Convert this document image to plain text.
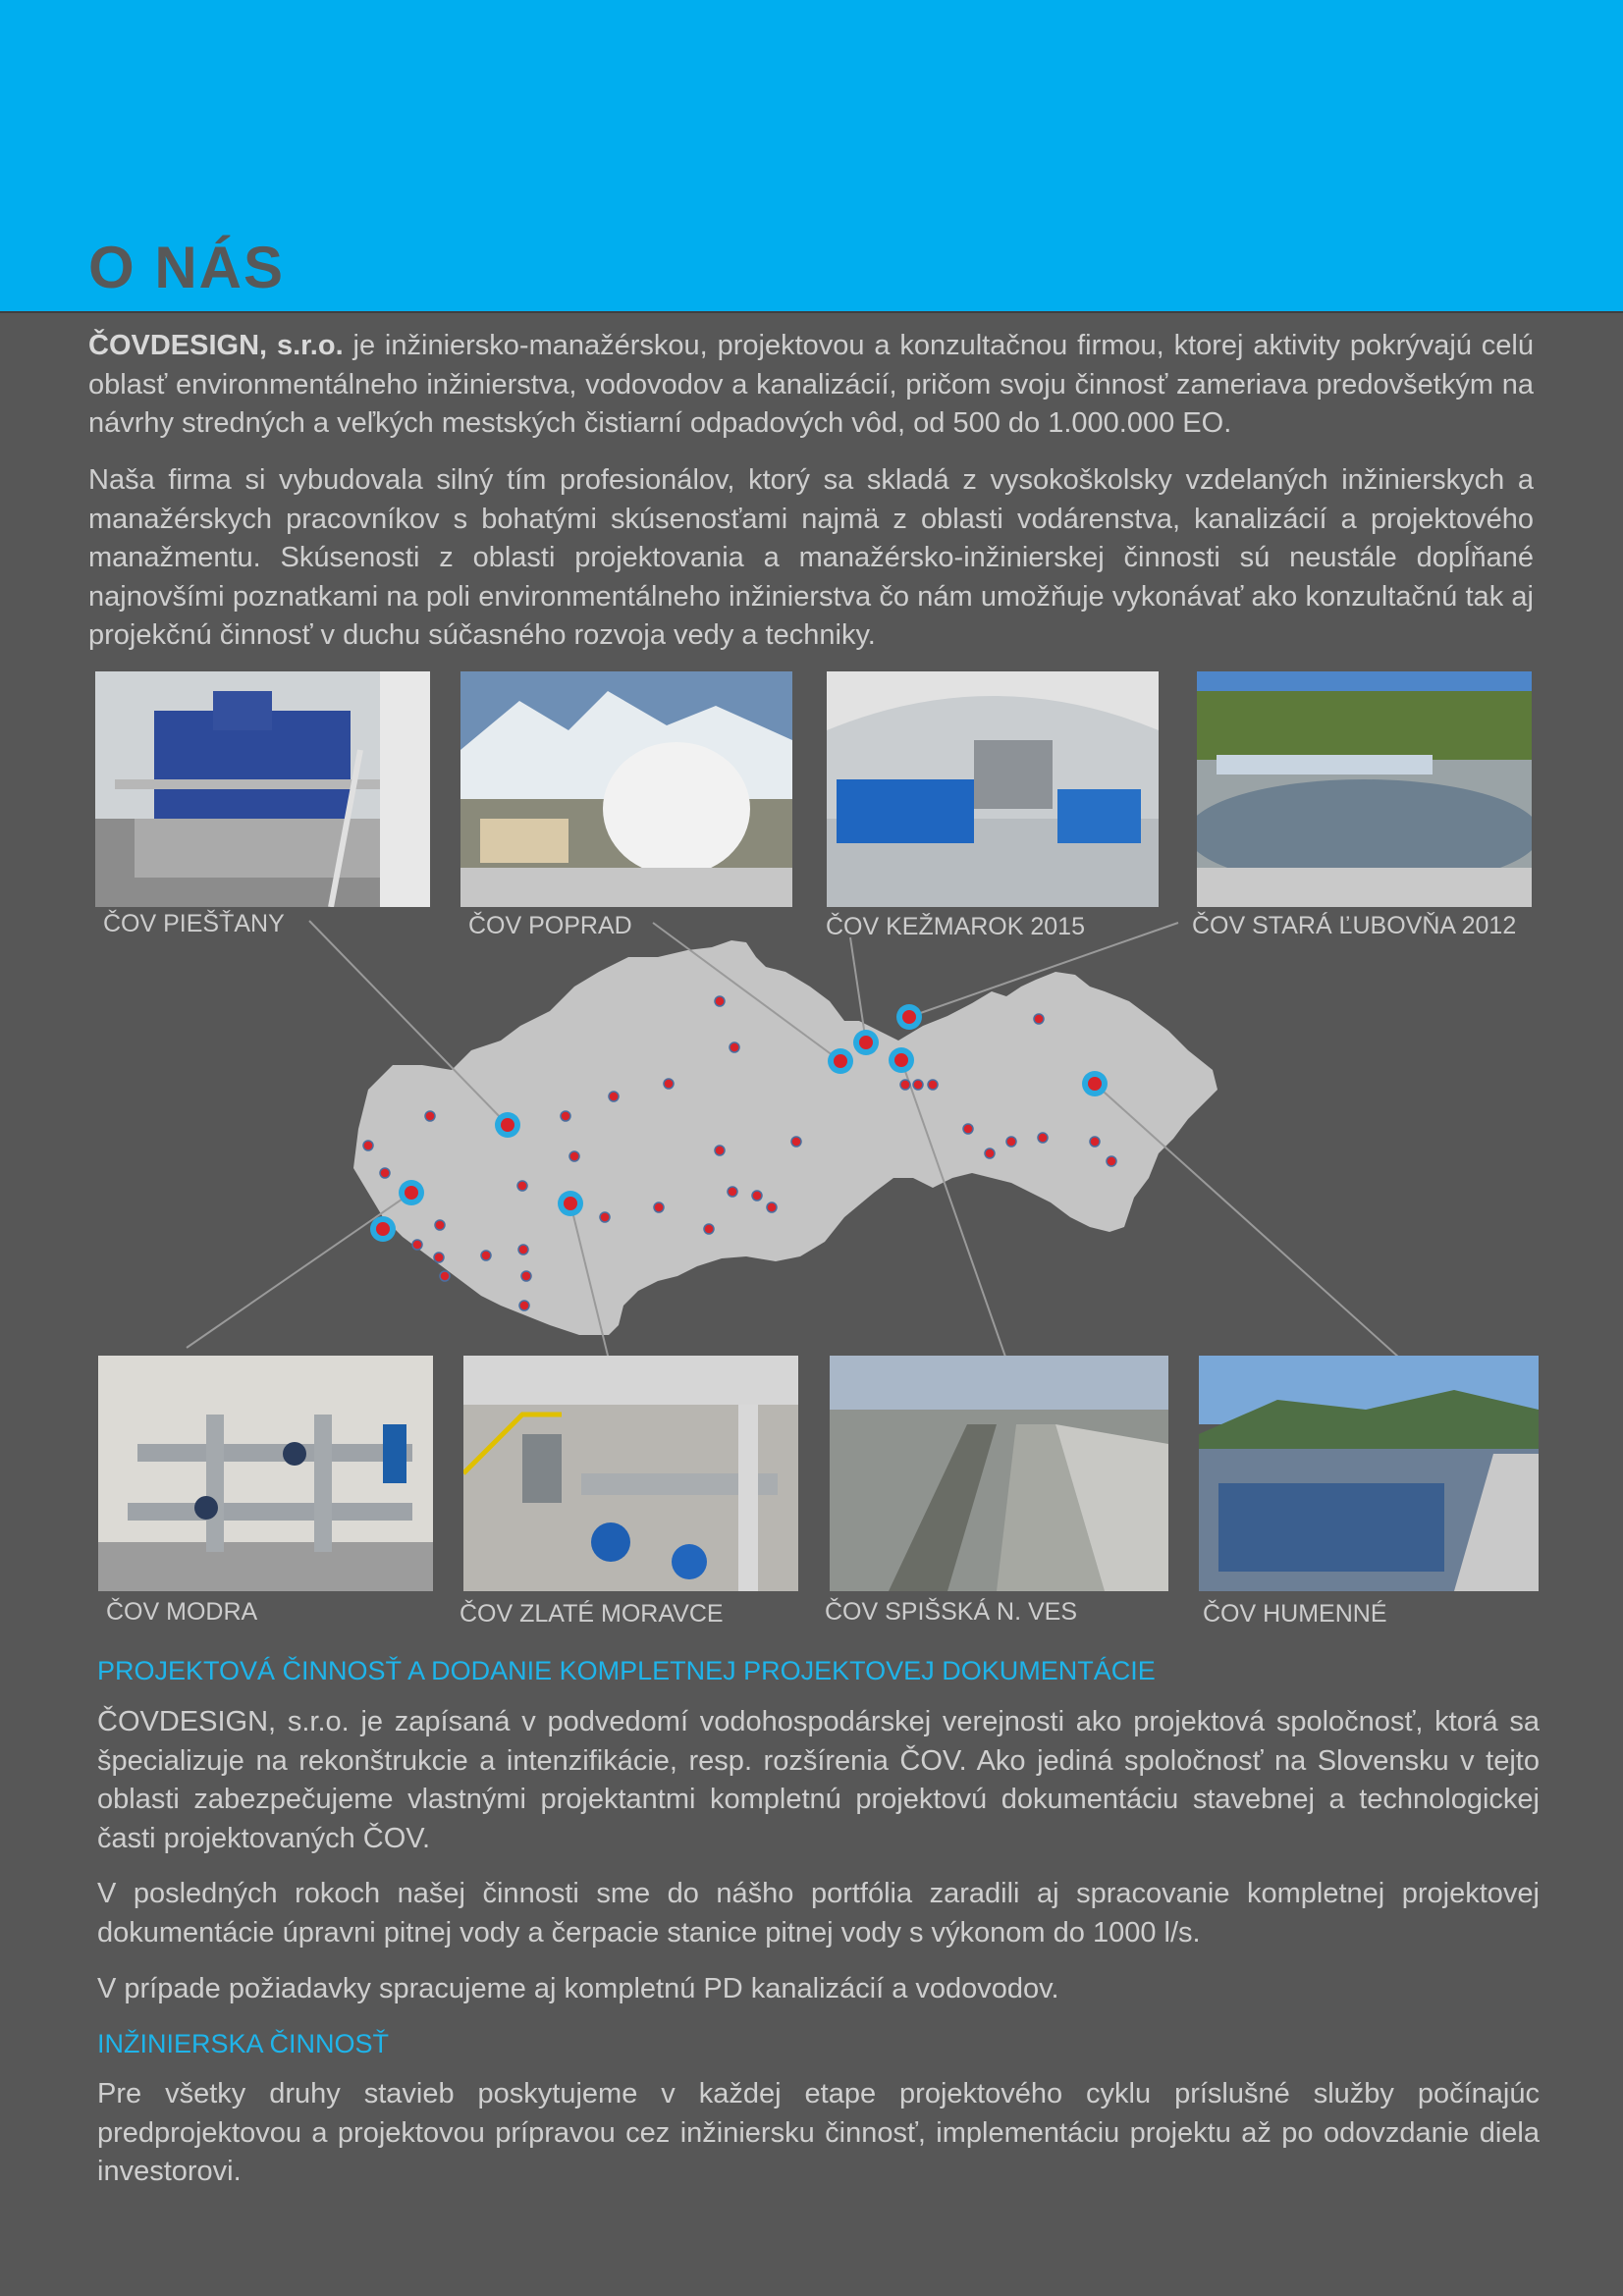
O NÁS

ČOVDESIGN, s.r.o. je inžiniersko-manažérskou, projektovou a konzultačnou firmou, ktorej aktivity pokrývajú celú oblasť environmentálneho inžinierstva, vodovodov a kanalizácií, pričom svoju činnosť zameriava predovšetkým na návrhy stredných a veľkých mestských čistiarní odpadových vôd, od 500 do 1.000.000 EO.

Naša firma si vybudovala silný tím profesionálov, ktorý sa skladá z vysokoškolsky vzdelaných inžinierskych a manažérskych pracovníkov s bohatými skúsenosťami najmä z oblasti vodárenstva, kanalizácií a projektového manažmentu. Skúsenosti z oblasti projektovania a manažérsko-inžinierskej činnosti sú neustále dopĺňané najnovšími poznatkami na poli environmentálneho inžinierstva čo nám umožňuje vykonávať ako konzultačnú tak aj projekčnú činnosť v duchu súčasného rozvoja vedy a techniky.

ČOV PIEŠŤANY	ČOV POPRAD	ČOV KEŽMAROK 2015	ČOV STARÁ ĽUBOVŇA 2012
ČOV MODRA	ČOV ZLATÉ MORAVCE	ČOV SPIŠSKÁ N. VES	ČOV HUMENNÉ
PROJEKTOVÁ ČINNOSŤ A DODANIE KOMPLETNEJ PROJEKTOVEJ DOKUMENTÁCIE

ČOVDESIGN, s.r.o. je zapísaná v podvedomí vodohospodárskej verejnosti ako projektová spoločnosť, ktorá sa špecializuje na rekonštrukcie a intenzifikácie, resp. rozšírenia ČOV. Ako jediná spoločnosť na Slovensku v tejto oblasti zabezpečujeme vlastnými projektantmi kompletnú projektovú dokumentáciu stavebnej a technologickej časti projektovaných ČOV.

V posledných rokoch našej činnosti sme do nášho portfólia zaradili aj spracovanie kompletnej projektovej dokumentácie úpravni pitnej vody a čerpacie stanice pitnej vody s výkonom do 1000 l/s.

V prípade požiadavky spracujeme aj kompletnú PD kanalizácií a vodovodov.

INŽINIERSKA ČINNOSŤ

Pre všetky druhy stavieb poskytujeme v každej etape projektového cyklu príslušné služby počínajúc predprojektovou a projektovou prípravou cez inžiniersku činnosť, implementáciu projektu až po odovzdanie diela investorovi.
